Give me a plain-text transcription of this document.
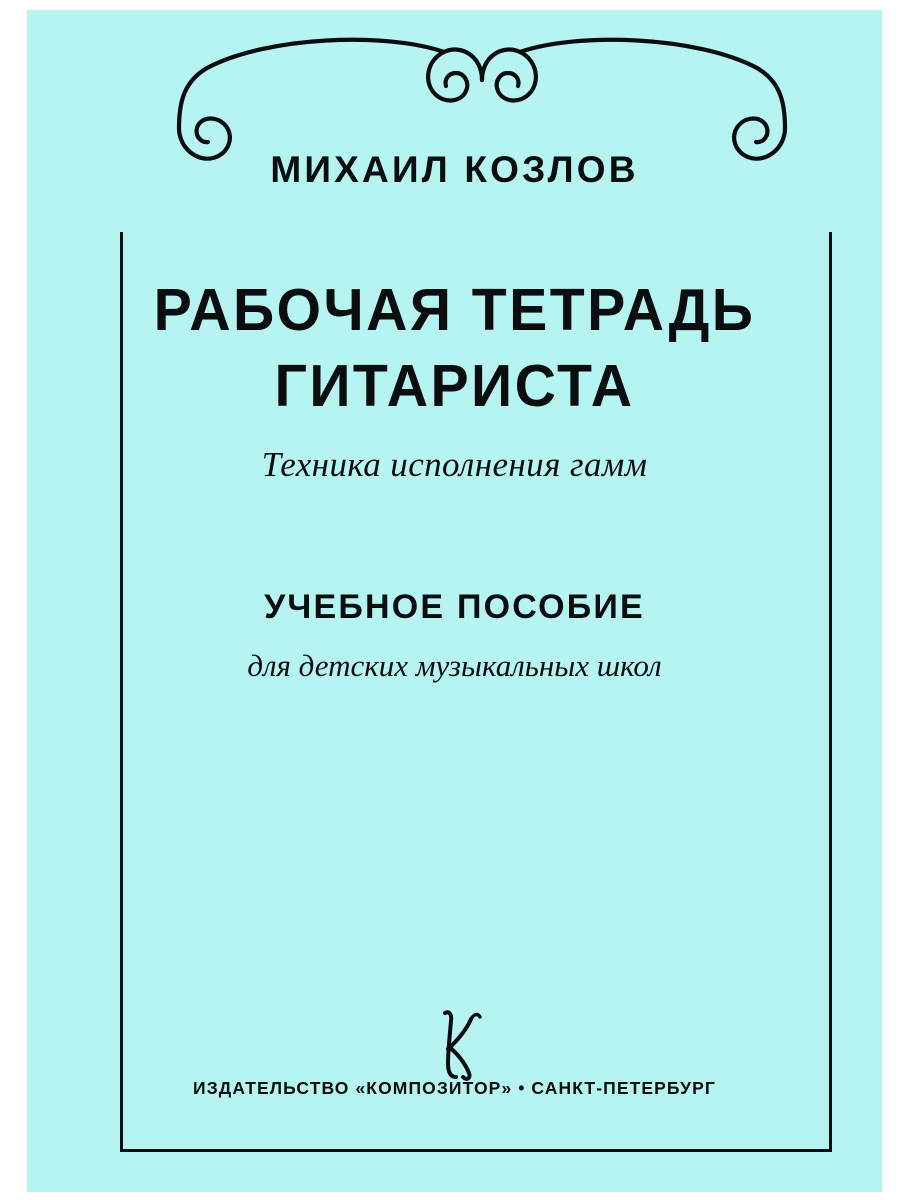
МИХАИЛ КОЗЛОВ
РАБОЧАЯ ТЕТРАДЬ
ГИТАРИСТА
Техника исполнения гамм
УЧЕБНОЕ ПОСОБИЕ
для детских музыкальных школ
ИЗДАТЕЛЬСТВО «КОМПОЗИТОР» • САНКТ-ПЕТЕРБУРГ
